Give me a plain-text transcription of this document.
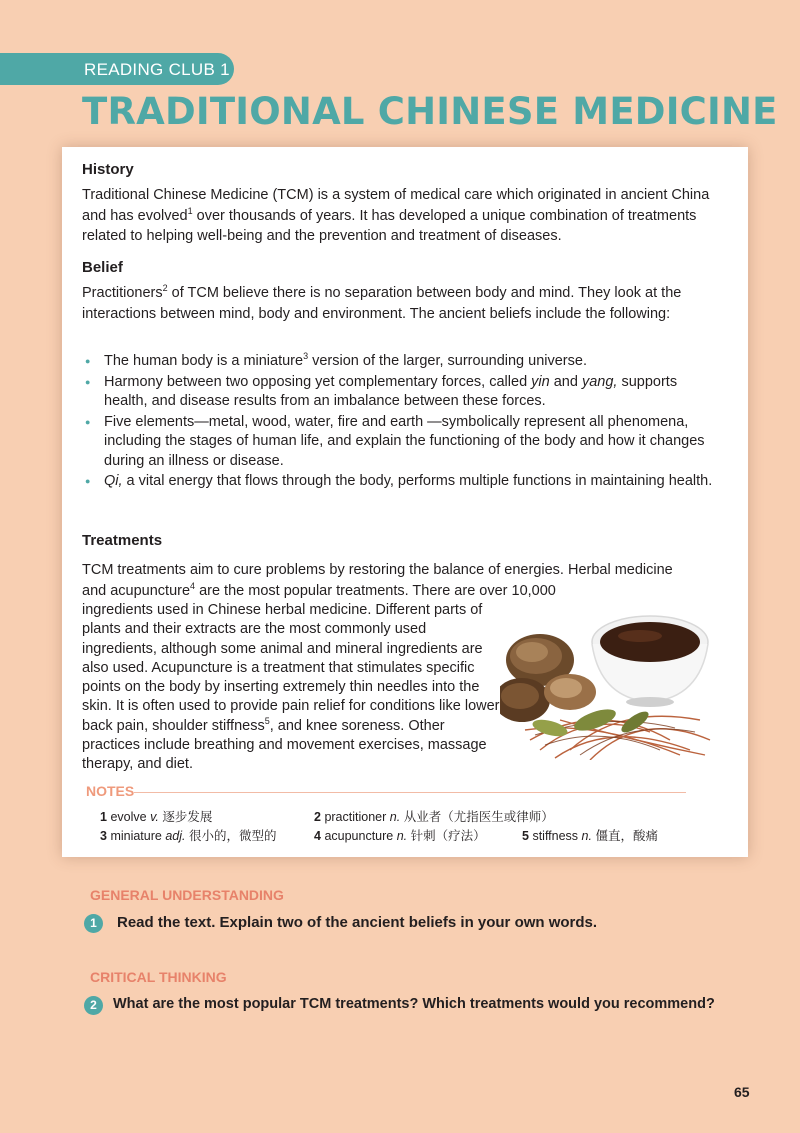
READING CLUB 1
TRADITIONAL CHINESE MEDICINE
History

Traditional Chinese Medicine (TCM) is a system of medical care which originated in ancient China and has evolved$^1$ over thousands of years. It has developed a unique combination of treatments related to helping well-being and the prevention and treatment of diseases.

Belief

Practitioners$^2$ of TCM believe there is no separation between body and mind. They look at the interactions between mind, body and environment. The ancient beliefs include the following:

● The human body is a miniature$^3$ version of the larger, surrounding universe.
● Harmony between two opposing yet complementary forces, called yin and yang, supports health, and disease results from an imbalance between these forces.
● Five elements—metal, wood, water, fire and earth —symbolically represent all phenomena, including the stages of human life, and explain the functioning of the body and how it changes during an illness or disease.
● Qi, a vital energy that flows through the body, performs multiple functions in maintaining health.
Treatments

TCM treatments aim to cure problems by restoring the balance of energies. Herbal medicine and acupuncture$^4$ are the most popular treatments. There are over 10,000

ingredients used in Chinese herbal medicine. Different parts of plants and their extracts are the most commonly used ingredients, although some animal and mineral ingredients are also used. Acupuncture is a treatment that stimulates specific points on the body by inserting extremely thin needles into the skin. It is often used to provide pain relief for conditions like lower back pain, shoulder stiffness$^5$, and knee soreness. Other practices include breathing and movement exercises, massage therapy, and diet.

NOTES
1 evolve v. 逐步发展	2 practitioner n. 从业者（尤指医生或律师）
3 miniature adj. 很小的，微型的	4 acupuncture n. 针刺（疗法）	5 stiffness n. 僵直，酸痛
GENERAL UNDERSTANDING
1	Read the text. Explain two of the ancient beliefs in your own words.
CRITICAL THINKING
2	What are the most popular TCM treatments? Which treatments would you recommend?
65
